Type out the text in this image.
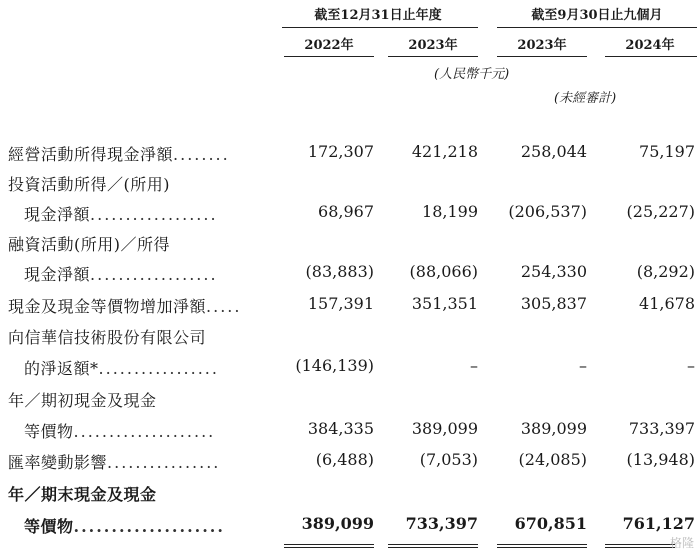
截至12月31日止年度	截至9月30日止九個月
2022年	2023年	2023年	2024年
(人民幣千元)
(未經審計)
經營活動所得現金淨額........	172,307	421,218	258,044	75,197
投資活動所得／(所用)
現金淨額..................	68,967	18,199	(206,537)	(25,227)
融資活動(所用)／所得
現金淨額..................	(83,883)	(88,066)	254,330	(8,292)
現金及現金等價物增加淨額.....	157,391	351,351	305,837	41,678
向信華信技術股份有限公司
的淨返額*.................	(146,139)	–	–	–
年／期初現金及現金
等價物....................	384,335	389,099	389,099	733,397
匯率變動影響................	(6,488)	(7,053)	(24,085)	(13,948)
年／期末現金及現金
等價物....................	389,099	733,397	670,851	761,127
格隆
